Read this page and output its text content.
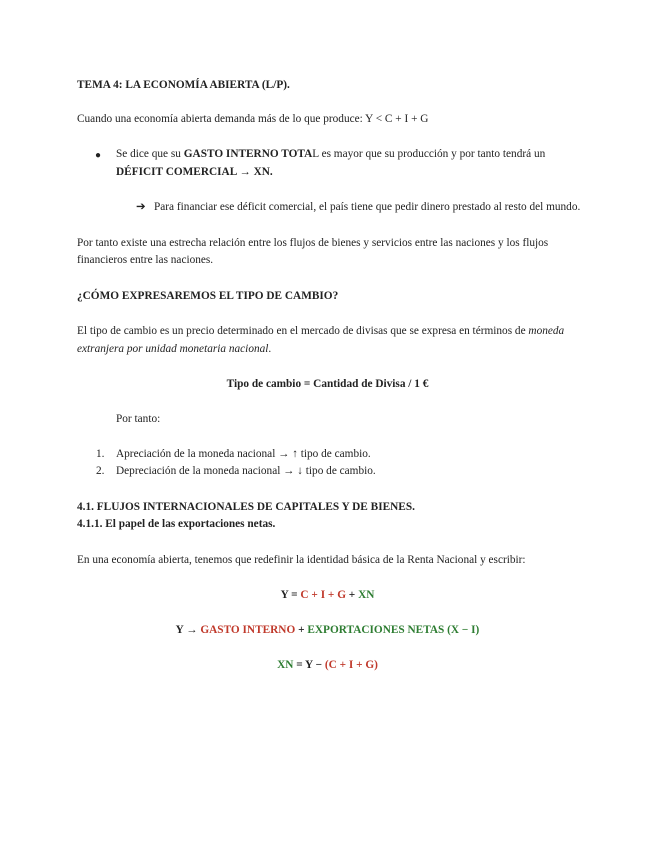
TEMA 4: LA ECONOMÍA ABIERTA (L/P).
Cuando una economía abierta demanda más de lo que produce: Y < C + I + G
● Se dice que su GASTO INTERNO TOTAL es mayor que su producción y por tanto tendrá un
DÉFICIT COMERCIAL → XN.
➔ Para financiar ese déficit comercial, el país tiene que pedir dinero prestado al resto del mundo.
Por tanto existe una estrecha relación entre los flujos de bienes y servicios entre las naciones y los flujos
financieros entre las naciones.
¿CÓMO EXPRESAREMOS EL TIPO DE CAMBIO?
El tipo de cambio es un precio determinado en el mercado de divisas que se expresa en términos de moneda
extranjera por unidad monetaria nacional.
Tipo de cambio = Cantidad de Divisa / 1 €
Por tanto:
1. Apreciación de la moneda nacional → ↑ tipo de cambio.
2. Depreciación de la moneda nacional → ↓ tipo de cambio.
4.1. FLUJOS INTERNACIONALES DE CAPITALES Y DE BIENES.
4.1.1. El papel de las exportaciones netas.
En una economía abierta, tenemos que redefinir la identidad básica de la Renta Nacional y escribir:
Y = C + I + G + XN
Y → GASTO INTERNO + EXPORTACIONES NETAS (X − I)
XN = Y − (C + I + G)
